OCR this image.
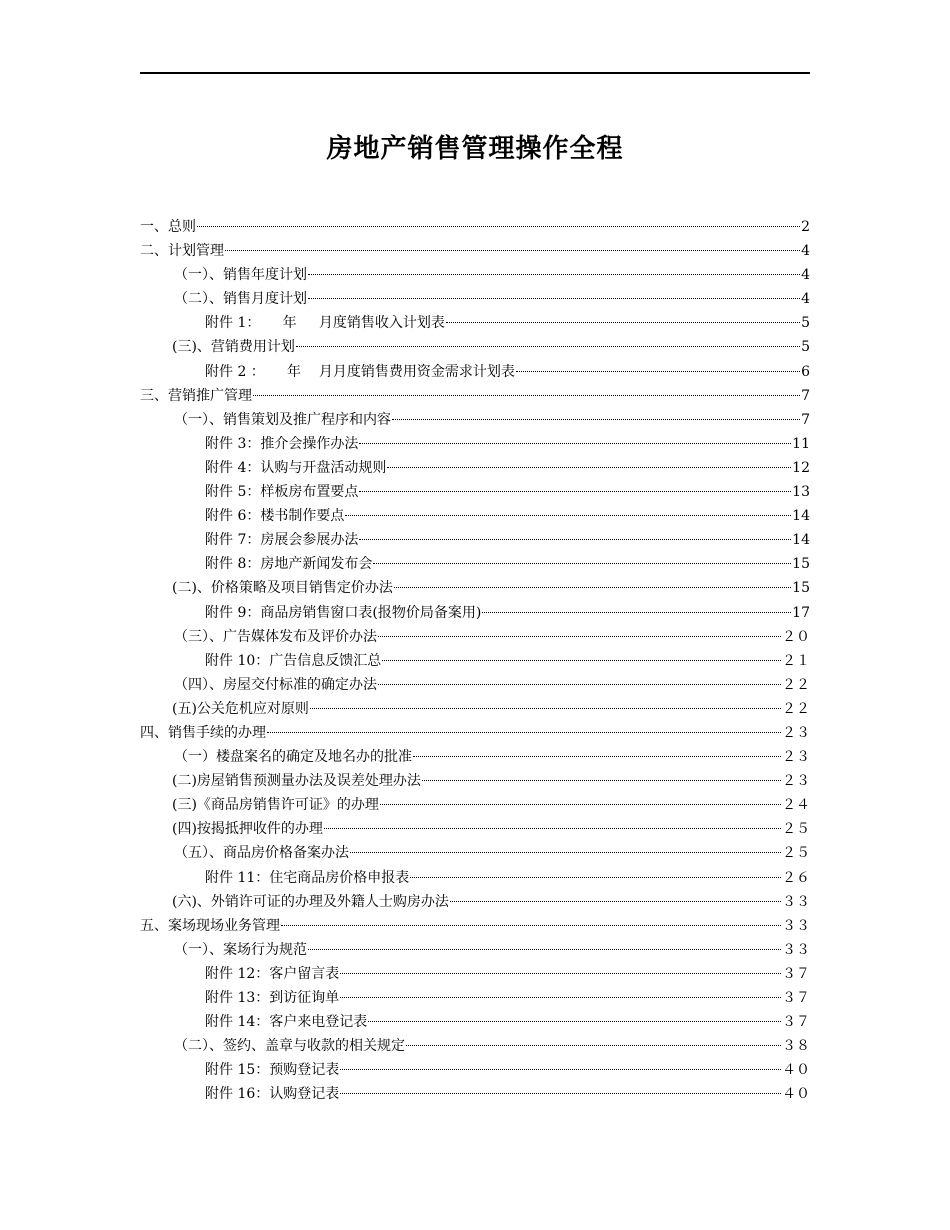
房地产销售管理操作全程
一、总则	2
二、计划管理	4
（一）、销售年度计划	4
（二）、销售月度计划	4
附件 1：     年     月度销售收入计划表	5
(三)、营销费用计划	5
附件 2 ：     年    月月度销售费用资金需求计划表	6
三、营销推广管理	7
（一）、销售策划及推广程序和内容	7
附件 3：推介会操作办法	11
附件 4：认购与开盘活动规则	12
附件 5：样板房布置要点	13
附件 6：楼书制作要点	14
附件 7：房展会参展办法	14
附件 8：房地产新闻发布会	15
(二)、价格策略及项目销售定价办法	15
附件 9：商品房销售窗口表(报物价局备案用)	17
（三）、广告媒体发布及评价办法	２０
附件 10：广告信息反馈汇总	２１
（四）、房屋交付标准的确定办法	２２
(五)公关危机应对原则	２２
四、销售手续的办理	２３
（一）楼盘案名的确定及地名办的批准	２３
(二)房屋销售预测量办法及误差处理办法	２３
(三)《商品房销售许可证》的办理	２４
(四)按揭抵押收件的办理	２５
（五）、商品房价格备案办法	２５
附件 11：住宅商品房价格申报表	２６
(六)、外销许可证的办理及外籍人士购房办法	３３
五、案场现场业务管理	３３
（一）、案场行为规范	３３
附件 12：客户留言表	３７
附件 13：到访征询单	３７
附件 14：客户来电登记表	３７
（二）、签约、盖章与收款的相关规定	３８
附件 15：预购登记表	４０
附件 16：认购登记表	４０
